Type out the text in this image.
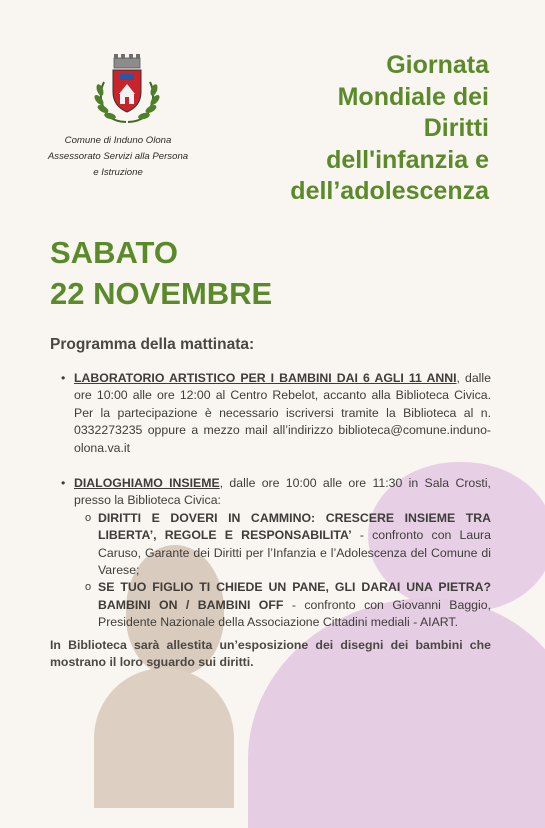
Comune di Induno Olona
Assessorato Servizi alla Persona
e Istruzione
Giornata
Mondiale dei
Diritti
dell'infanzia e
dell’adolescenza
SABATO
22 NOVEMBRE
Programma della mattinata:
• LABORATORIO ARTISTICO PER I BAMBINI DAI 6 AGLI 11 ANNI, dalle ore 10:00 alle ore 12:00 al Centro Rebelot, accanto alla Biblioteca Civica. Per la partecipazione è necessario iscriversi tramite la Biblioteca al n. 0332273235 oppure a mezzo mail all’indirizzo biblioteca@comune.induno-olona.va.it
• DIALOGHIAMO INSIEME, dalle ore 10:00 alle ore 11:30 in Sala Crosti, presso la Biblioteca Civica:
o DIRITTI E DOVERI IN CAMMINO: CRESCERE INSIEME TRA LIBERTA’, REGOLE E RESPONSABILITA’ - confronto con Laura Caruso, Garante dei Diritti per l’Infanzia e l’Adolescenza del Comune di Varese;
o SE TUO FIGLIO TI CHIEDE UN PANE, GLI DARAI UNA PIETRA? BAMBINI ON / BAMBINI OFF - confronto con Giovanni Baggio, Presidente Nazionale della Associazione Cittadini mediali - AIART.
In Biblioteca sarà allestita un’esposizione dei disegni dei bambini che mostrano il loro sguardo sui diritti.
